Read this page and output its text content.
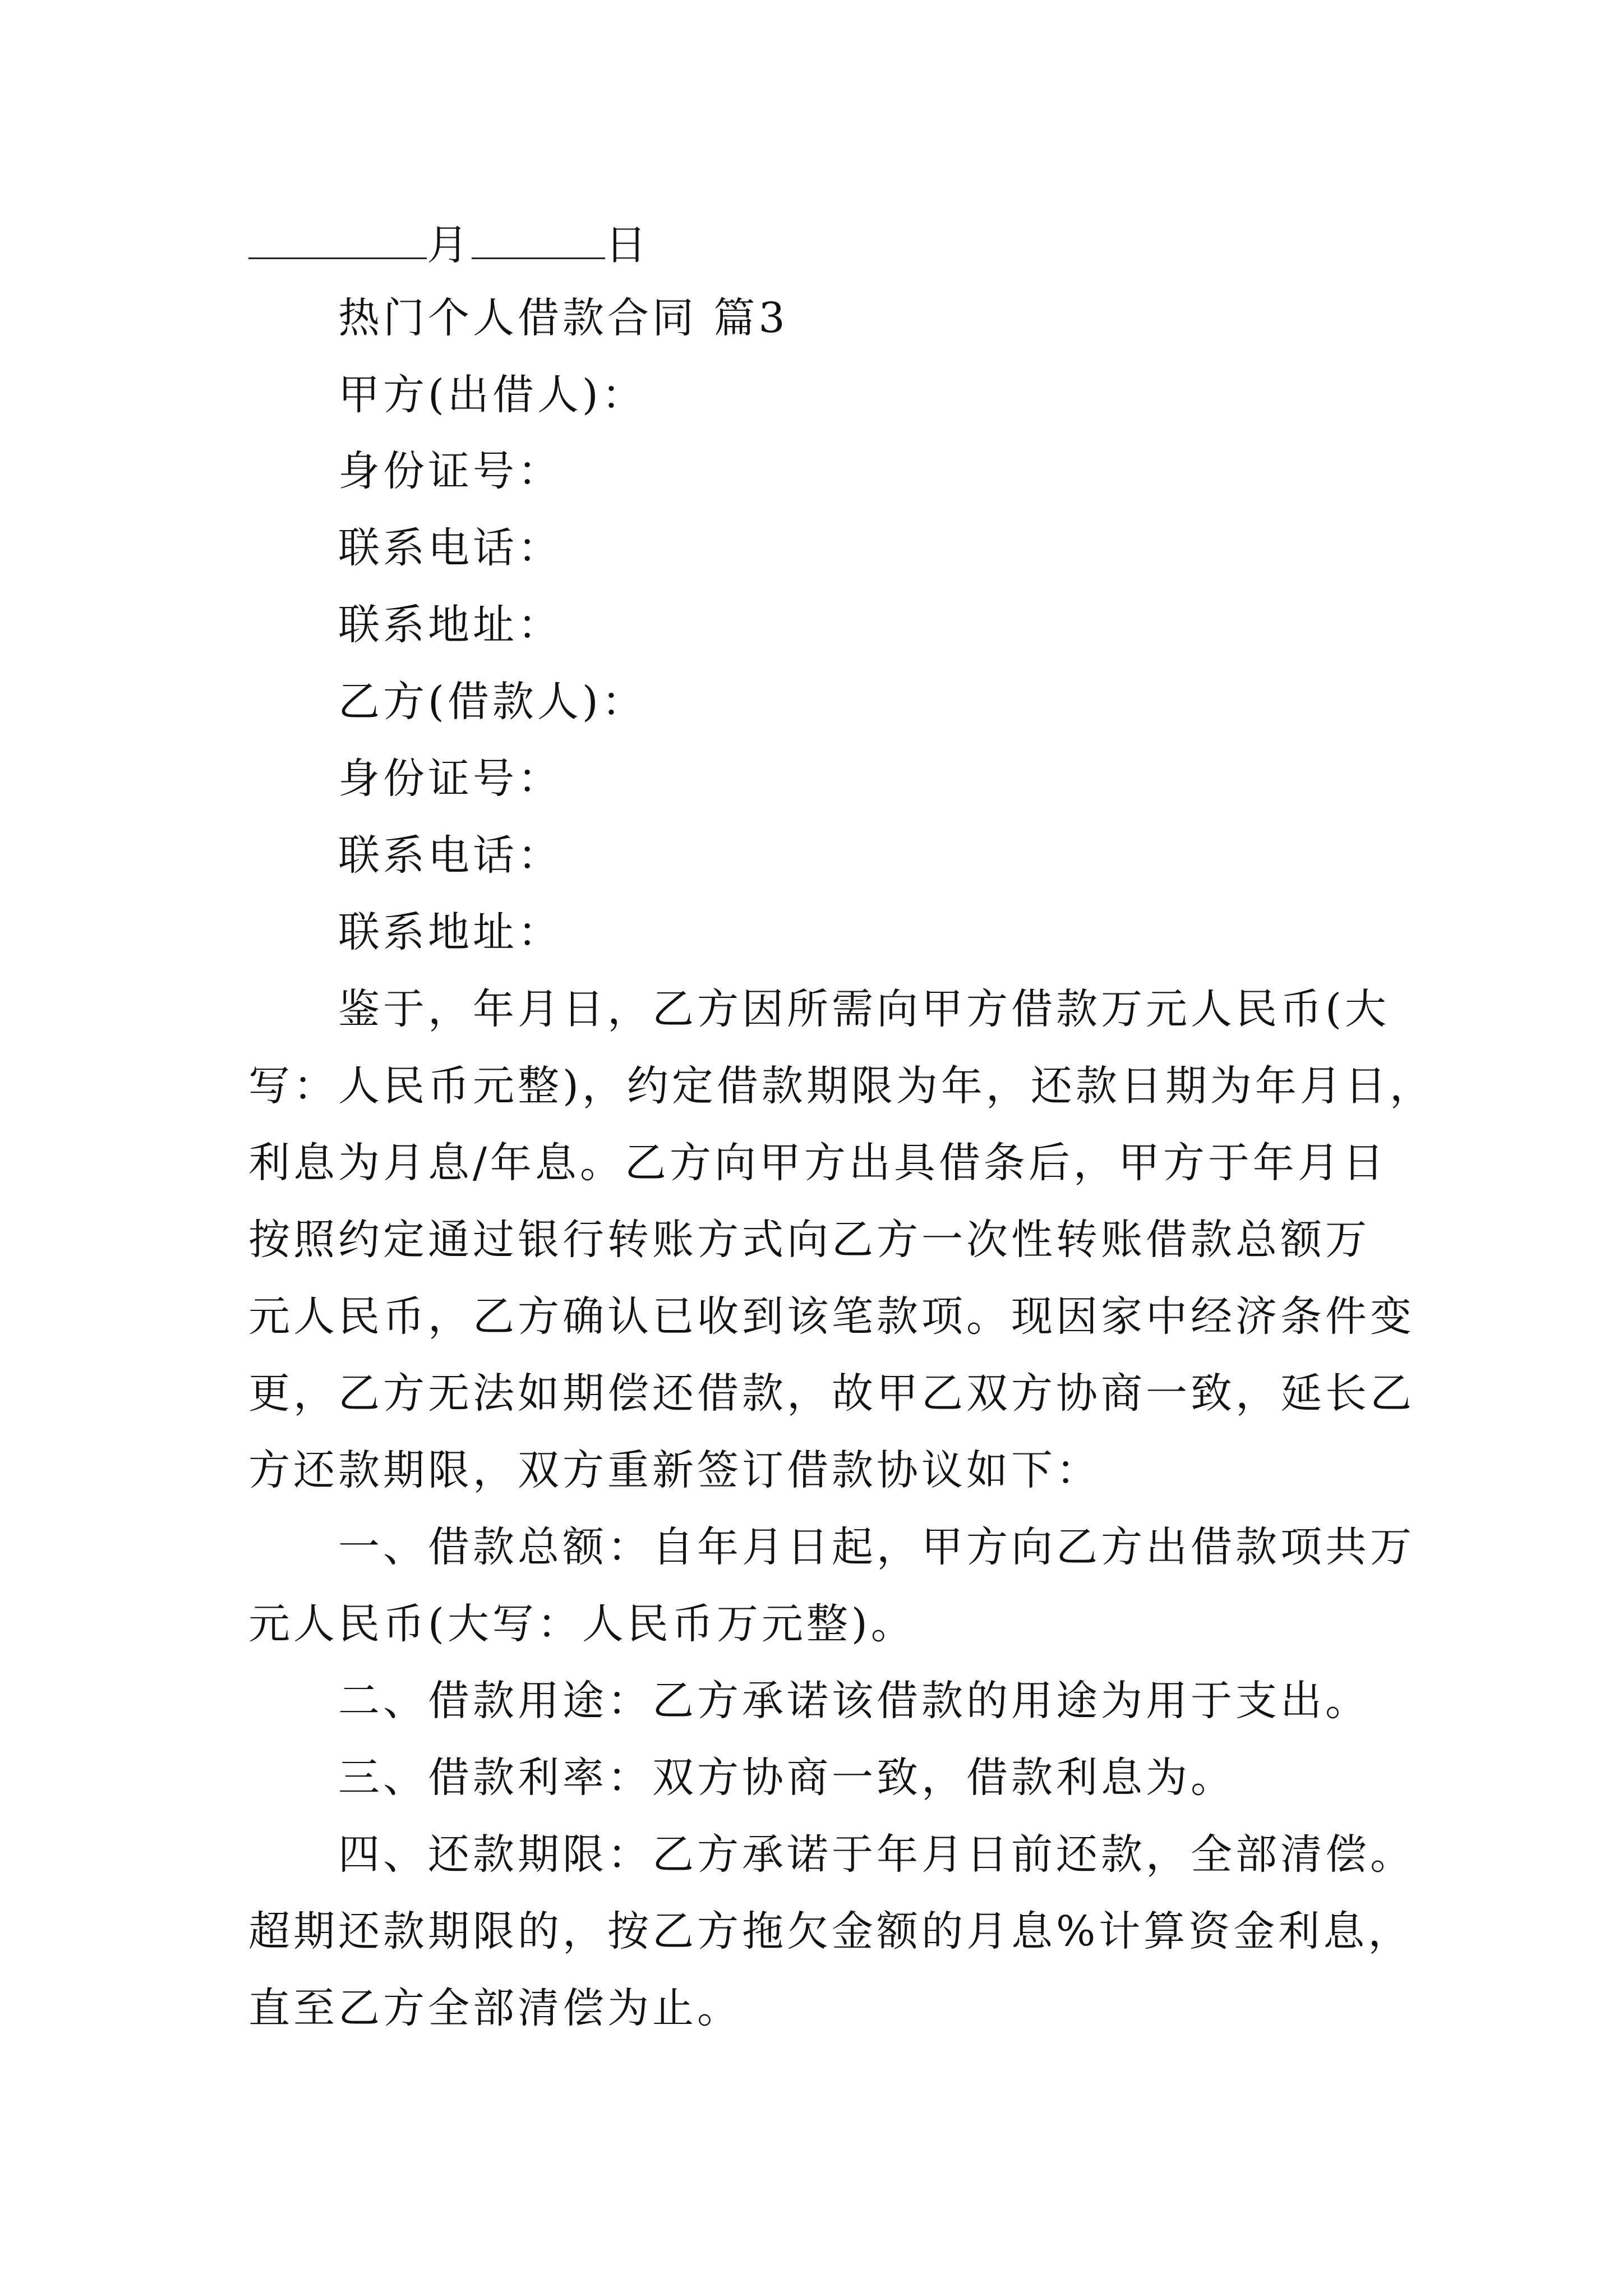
月	日
热门个人借款合同 篇3
甲方(出借人)：
身份证号：
联系电话：
联系地址：
乙方(借款人)：
身份证号：
联系电话：
联系地址：
鉴于，年月日，乙方因所需向甲方借款万元人民币(大
写：人民币元整)，约定借款期限为年，还款日期为年月日，
利息为月息/年息。乙方向甲方出具借条后，甲方于年月日
按照约定通过银行转账方式向乙方一次性转账借款总额万
元人民币，乙方确认已收到该笔款项。现因家中经济条件变
更，乙方无法如期偿还借款，故甲乙双方协商一致，延长乙
方还款期限，双方重新签订借款协议如下：
一、借款总额：自年月日起，甲方向乙方出借款项共万
元人民币(大写：人民币万元整)。
二、借款用途：乙方承诺该借款的用途为用于支出。
三、借款利率：双方协商一致，借款利息为。
四、还款期限：乙方承诺于年月日前还款，全部清偿。
超期还款期限的，按乙方拖欠金额的月息%计算资金利息，
直至乙方全部清偿为止。
